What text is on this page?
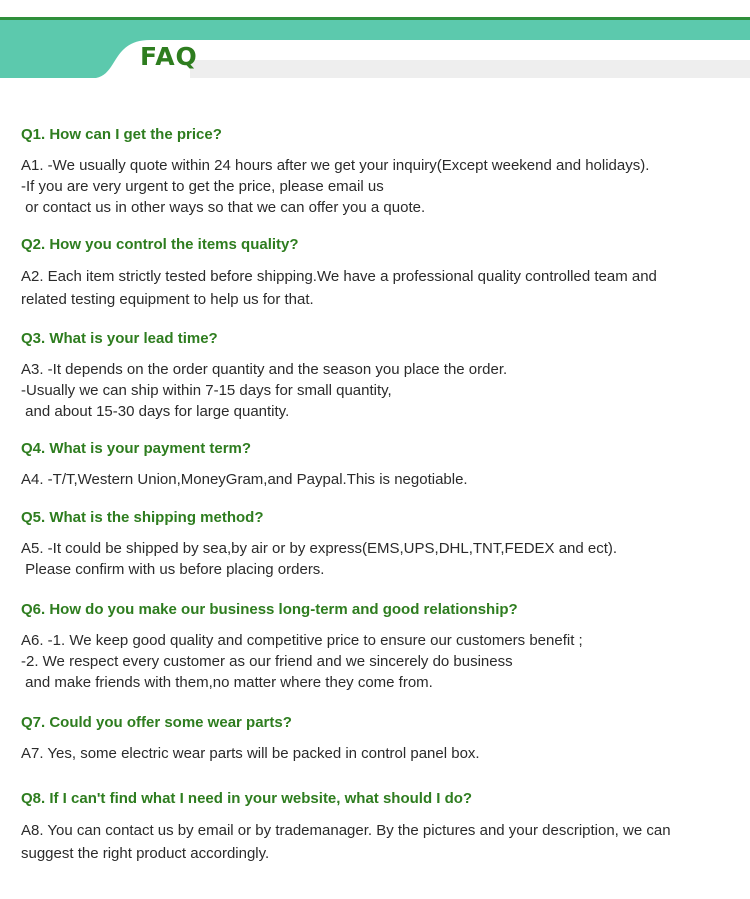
FAQ

Q1. How can I get the price?

A1. -We usually quote within 24 hours after we get your inquiry(Except weekend and holidays).

-If you are very urgent to get the price, please email us

or contact us in other ways so that we can offer you a quote.

Q2. How you control the items quality?

A2. Each item strictly tested before shipping.We have a professional quality controlled team and

related testing equipment to help us for that.

Q3. What is your lead time?

A3. -It depends on the order quantity and the season you place the order.

-Usually we can ship within 7-15 days for small quantity,

and about 15-30 days for large quantity.

Q4. What is your payment term?

A4. -T/T,Western Union,MoneyGram,and Paypal.This is negotiable.

Q5. What is the shipping method?

A5. -It could be shipped by sea,by air or by express(EMS,UPS,DHL,TNT,FEDEX and ect).

Please confirm with us before placing orders.

Q6. How do you make our business long-term and good relationship?

A6. -1. We keep good quality and competitive price to ensure our customers benefit ;

-2. We respect every customer as our friend and we sincerely do business

and make friends with them,no matter where they come from.

Q7. Could you offer some wear parts?

A7. Yes, some electric wear parts will be packed in control panel box.

Q8. If I can't find what I need in your website, what should I do?

A8. You can contact us by email or by trademanager. By the pictures and your description, we can

suggest the right product accordingly.
